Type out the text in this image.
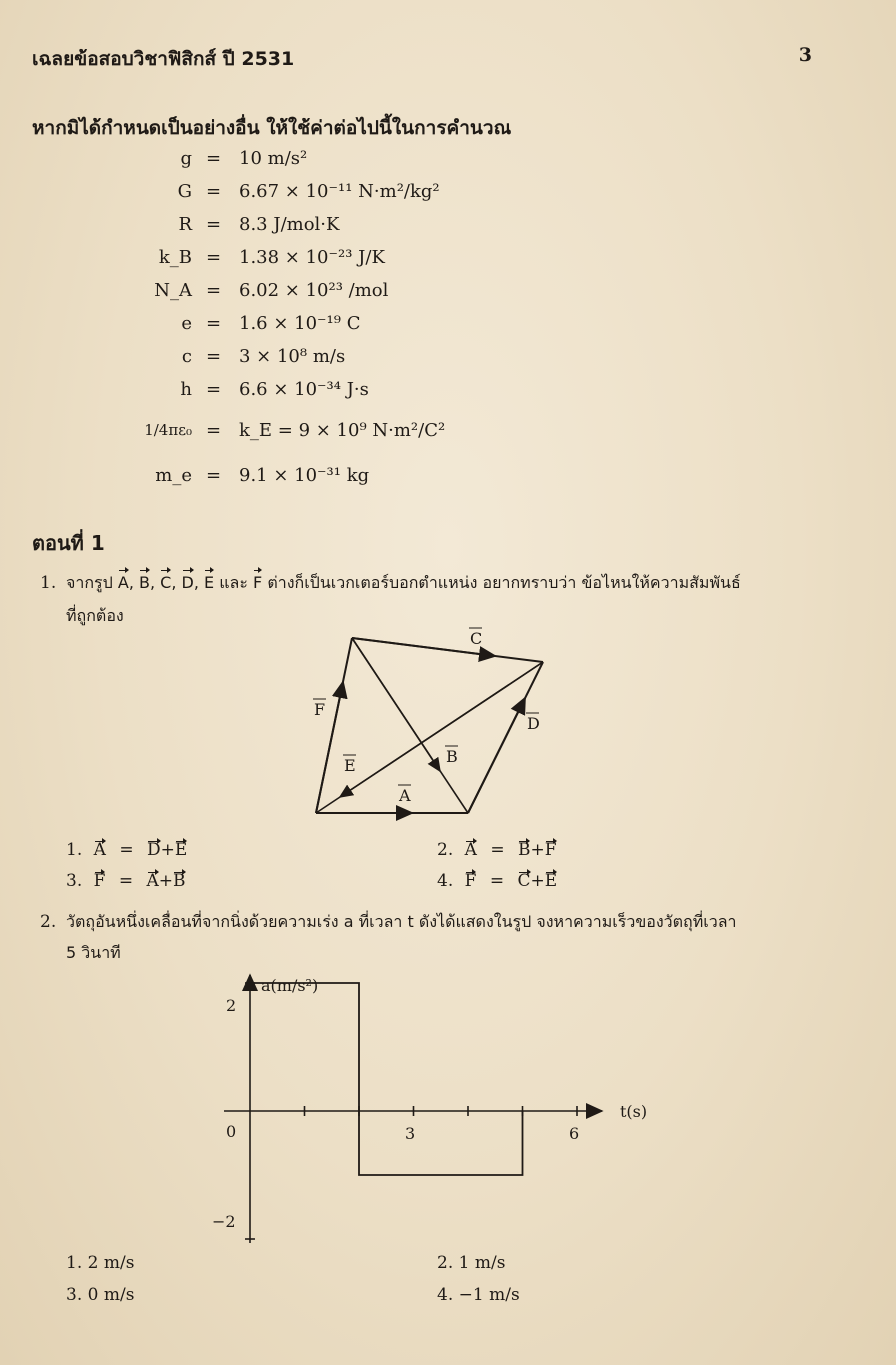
เฉลยข้อสอบวิชาฟิสิกส์ ปี 2531	3
หากมิได้กำหนดเป็นอย่างอื่น ให้ใช้ค่าต่อไปนี้ในการคำนวณ
g = 10 m/s²
G = 6.67 × 10⁻¹¹ N·m²/kg²
R = 8.3 J/mol·K
k_B = 1.38 × 10⁻²³ J/K
N_A = 6.02 × 10²³ /mol
e = 1.6 × 10⁻¹⁹ C
c = 3 × 10⁸ m/s
h = 6.6 × 10⁻³⁴ J·s
1/4πε₀ = k_E = 9 × 10⁹ N·m²/C²
m_e = 9.1 × 10⁻³¹ kg
ตอนที่ 1
1. จากรูป A, B, C, D, E และ F ต่างก็เป็นเวกเตอร์บอกตำแหน่ง อยากทราบว่า ข้อไหนให้ความสัมพันธ์
ที่ถูกต้อง
A
B
C
D
E
F
1. A = D+E	2. A = B+F
3. F = A+B	4. F = C+E
2. วัตถุอันหนึ่งเคลื่อนที่จากนิ่งด้วยความเร่ง a ที่เวลา t ดังได้แสดงในรูป จงหาความเร็วของวัตถุที่เวลา
5 วินาที
a(m/s²)
t(s)
0	3	6
2
−2
1. 2 m/s	2. 1 m/s
3. 0 m/s	4. −1 m/s
